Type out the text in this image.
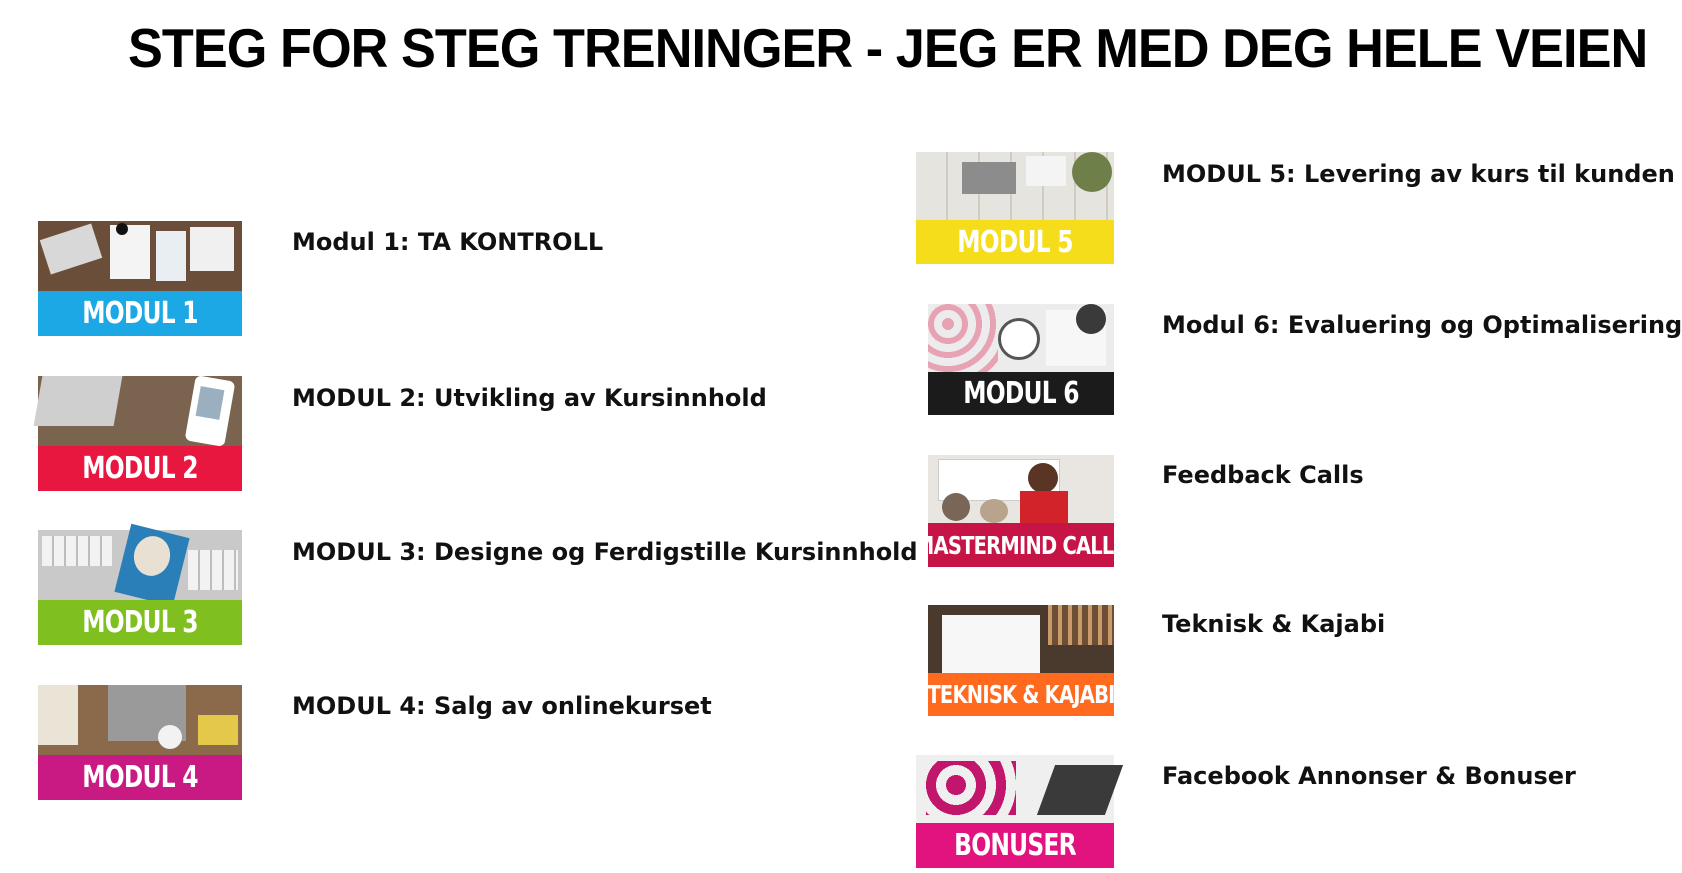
STEG FOR STEG TRENINGER - JEG ER MED DEG HELE VEIEN
MODUL 1
Modul 1: TA KONTROLL
MODUL 2
MODUL 2: Utvikling av Kursinnhold
MODUL 3
MODUL 3: Designe og Ferdigstille Kursinnhold
MODUL 4
MODUL 4: Salg av onlinekurset
MODUL 5
MODUL 5: Levering av kurs til kunden
MODUL 6
Modul 6: Evaluering og Optimalisering
MASTERMIND CALLS
Feedback Calls
TEKNISK & KAJABI
Teknisk & Kajabi
BONUSER
Facebook Annonser & Bonuser
